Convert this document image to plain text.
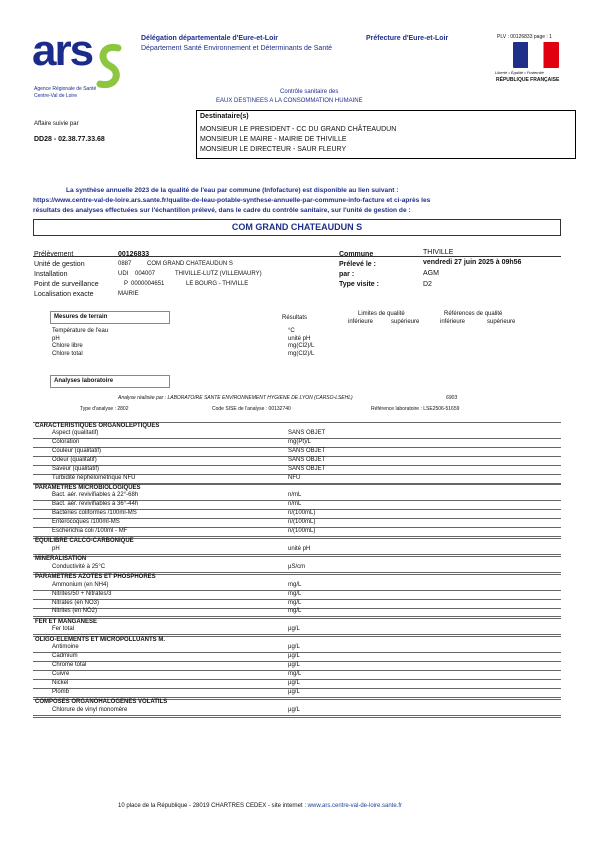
ars
Agence Régionale de Santé
Centre-Val de Loire
Délégation départementale d'Eure-et-Loir
Département Santé Environnement et Déterminants de Santé
Préfecture d'Eure-et-Loir	PLV : 00126833 page : 1
Liberté • Égalité • Fraternité
RÉPUBLIQUE FRANÇAISE
Contrôle sanitaire des
EAUX DESTINEES A LA CONSOMMATION HUMAINE
Affaire suivie par
DD28 - 02.38.77.33.68
Destinataire(s)
MONSIEUR LE PRESIDENT - CC DU GRAND CHÂTEAUDUN
MONSIEUR LE MAIRE - MAIRIE DE THIVILLE
MONSIEUR LE DIRECTEUR - SAUR FLEURY
La synthèse annuelle 2023 de la qualité de l'eau par commune (Infofacture) est disponible au lien suivant :
https://www.centre-val-de-loire.ars.sante.fr/qualite-de-leau-potable-synthese-annuelle-par-commune-info-facture et ci-après les
résultats des analyses effectuées sur l'échantillon prélevé, dans le cadre du contrôle sanitaire, sur l'unité de gestion de :
COM GRAND CHATEAUDUN S
Prélèvement	00126833
Unité de gestion	0887	COM GRAND CHATEAUDUN S
Installation	UDI 004007	THIVILLE-LUTZ (VILLEMAURY)
Point de surveillance	P 0000004651	LE BOURG - THIVILLE
Localisation exacte	MAIRIE
Commune	THIVILLE
Prélevé le :	vendredi 27 juin 2025 à 09h56
par :	AGM
Type visite :	D2
Mesures de terrain	Résultats
Limites de qualité
inférieure	supérieure
Références de qualité
inférieure	supérieure
Température de l'eau	°C
pH	unité pH
Chlore libre	mg(Cl2)/L
Chlore total	mg(Cl2)/L
Analyses laboratoire
Analyse réalisée par : LABORATOIRE SANTE ENVIRONNEMENT HYGIENE DE LYON (CARSO-LSEHL)	6903
Type d'analyse : 2802	Code SISE de l'analyse : 00132740	Référence laboratoire : LSE2506-51659
CARACTERISTIQUES ORGANOLEPTIQUES
Aspect (qualitatif)	SANS OBJET
Coloration	mg(Pt)/L
Couleur (qualitatif)	SANS OBJET
Odeur (qualitatif)	SANS OBJET
Saveur (qualitatif)	SANS OBJET
Turbidité néphélométrique NFU	NFU
PARAMETRES MICROBIOLOGIQUES
Bact. aér. revivifiables à 22°-68h	n/mL
Bact. aér. revivifiables à 36°-44h	n/mL
Bactéries coliformes /100ml-MS	n/(100mL)
Entérocoques /100ml-MS	n/(100mL)
Escherichia coli /100ml - MF	n/(100mL)
EQUILIBRE CALCO-CARBONIQUE
pH	unité pH
MINERALISATION
Conductivité à 25°C	µS/cm
PARAMETRES AZOTES ET PHOSPHORES
Ammonium (en NH4)	mg/L
Nitrites/50 + Nitrates/3	mg/L
Nitrates (en NO3)	mg/L
Nitrites (en NO2)	mg/L
FER ET MANGANESE
Fer total	µg/L
OLIGO-ELEMENTS ET MICROPOLLUANTS M.
Antimoine	µg/L
Cadmium	µg/L
Chrome total	µg/L
Cuivre	mg/L
Nickel	µg/L
Plomb	µg/L
COMPOSES ORGANOHALOGENES VOLATILS
Chlorure de vinyl monomère	µg/L
10 place de la République - 28019 CHARTRES CEDEX - site internet : www.ars.centre-val-de-loire.sante.fr
